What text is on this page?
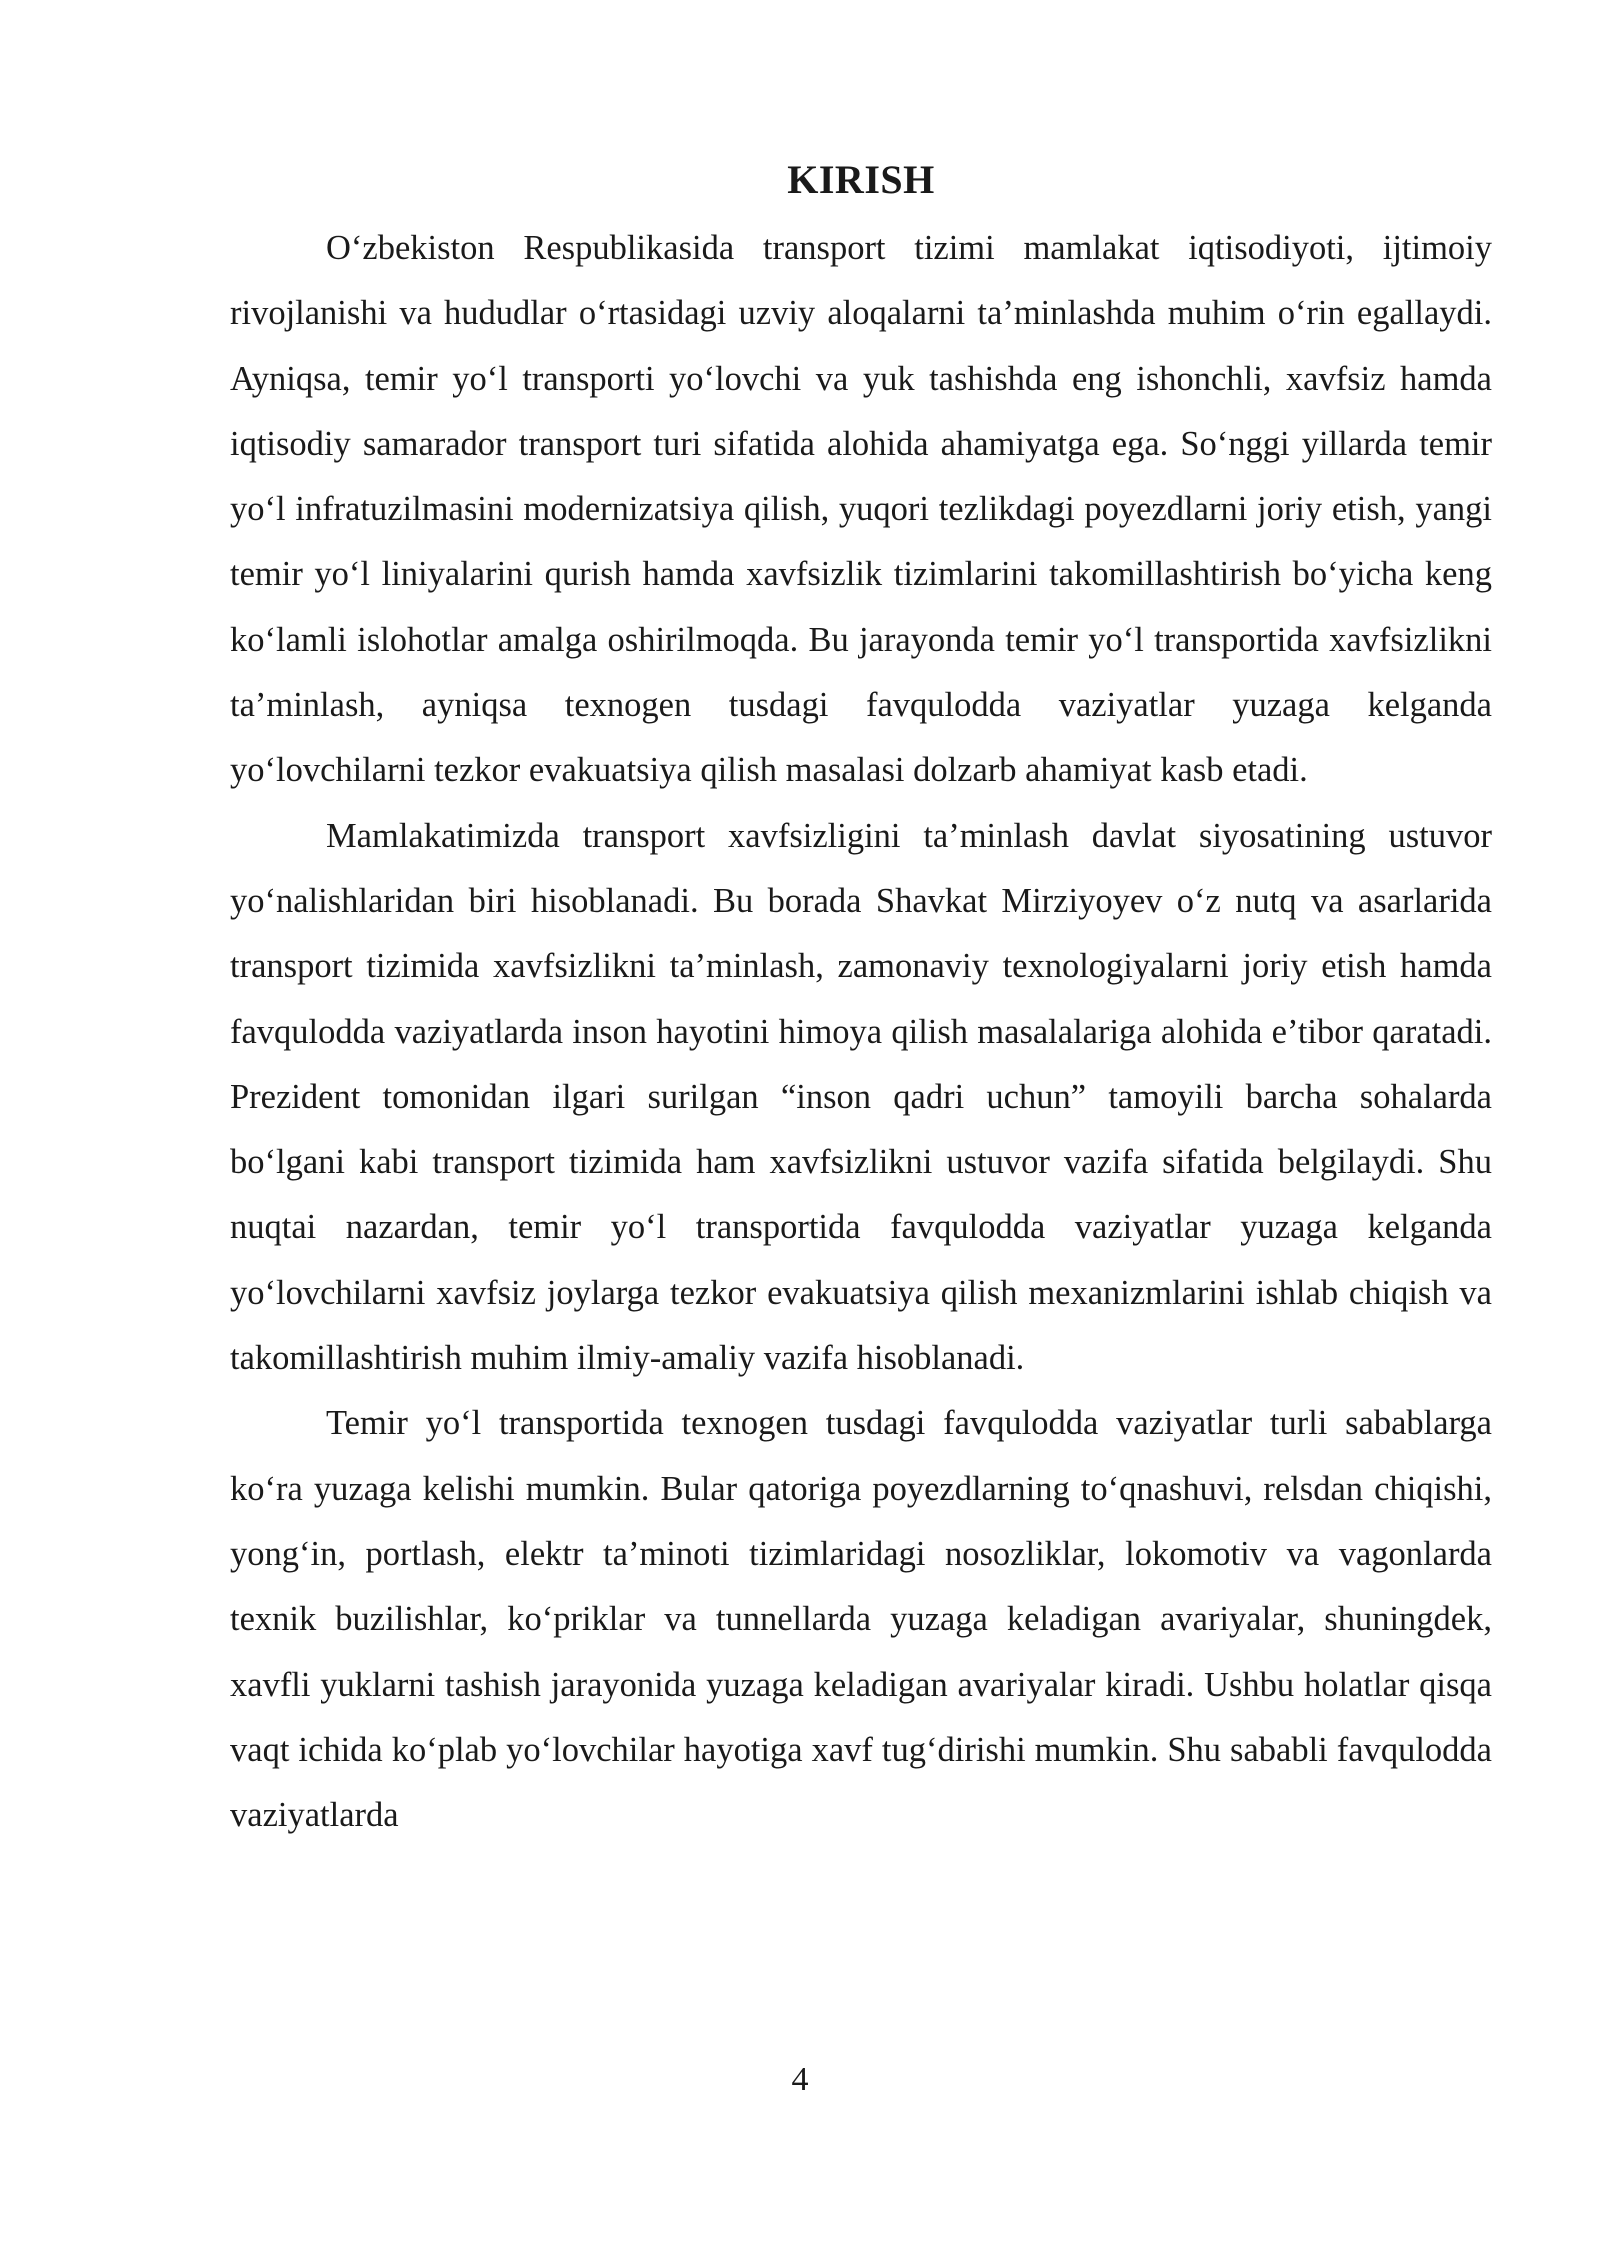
KIRISH

O‘zbekiston Respublikasida transport tizimi mamlakat iqtisodiyoti, ijtimoiy rivojlanishi va hududlar o‘rtasidagi uzviy aloqalarni ta’minlashda muhim o‘rin egallaydi. Ayniqsa, temir yo‘l transporti yo‘lovchi va yuk tashishda eng ishonchli, xavfsiz hamda iqtisodiy samarador transport turi sifatida alohida ahamiyatga ega. So‘nggi yillarda temir yo‘l infratuzilmasini modernizatsiya qilish, yuqori tezlikdagi poyezdlarni joriy etish, yangi temir yo‘l liniyalarini qurish hamda xavfsizlik tizimlarini takomillashtirish bo‘yicha keng ko‘lamli islohotlar amalga oshirilmoqda. Bu jarayonda temir yo‘l transportida xavfsizlikni ta’minlash, ayniqsa texnogen tusdagi favqulodda vaziyatlar yuzaga kelganda yo‘lovchilarni tezkor evakuatsiya qilish masalasi dolzarb ahamiyat kasb etadi.

Mamlakatimizda transport xavfsizligini ta’minlash davlat siyosatining ustuvor yo‘nalishlaridan biri hisoblanadi. Bu borada Shavkat Mirziyoyev o‘z nutq va asarlarida transport tizimida xavfsizlikni ta’minlash, zamonaviy texnologiyalarni joriy etish hamda favqulodda vaziyatlarda inson hayotini himoya qilish masalalariga alohida e’tibor qaratadi. Prezident tomonidan ilgari surilgan “inson qadri uchun” tamoyili barcha sohalarda bo‘lgani kabi transport tizimida ham xavfsizlikni ustuvor vazifa sifatida belgilaydi. Shu nuqtai nazardan, temir yo‘l transportida favqulodda vaziyatlar yuzaga kelganda yo‘lovchilarni xavfsiz joylarga tezkor evakuatsiya qilish mexanizmlarini ishlab chiqish va takomillashtirish muhim ilmiy-amaliy vazifa hisoblanadi.

Temir yo‘l transportida texnogen tusdagi favqulodda vaziyatlar turli sabablarga ko‘ra yuzaga kelishi mumkin. Bular qatoriga poyezdlarning to‘qnashuvi, relsdan chiqishi, yong‘in, portlash, elektr ta’minoti tizimlaridagi nosozliklar, lokomotiv va vagonlarda texnik buzilishlar, ko‘priklar va tunnellarda yuzaga keladigan avariyalar, shuningdek, xavfli yuklarni tashish jarayonida yuzaga keladigan avariyalar kiradi. Ushbu holatlar qisqa vaqt ichida ko‘plab yo‘lovchilar hayotiga xavf tug‘dirishi mumkin. Shu sababli favqulodda vaziyatlarda

4
